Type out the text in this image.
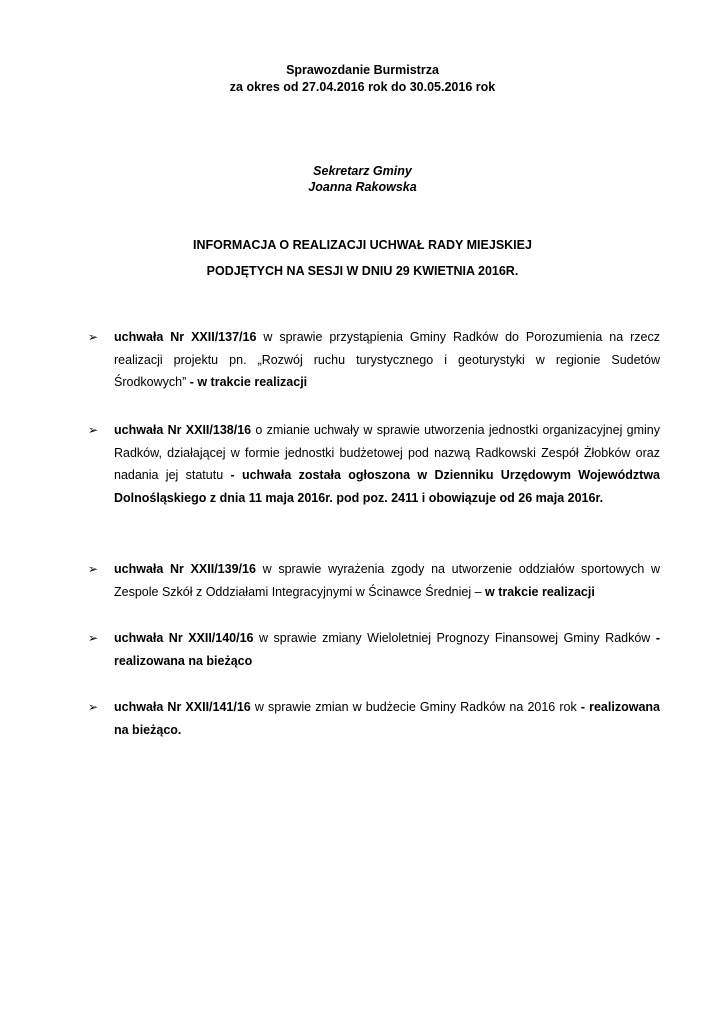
Sprawozdanie Burmistrza
za okres od 27.04.2016 rok do 30.05.2016 rok
Sekretarz Gminy
Joanna Rakowska
INFORMACJA O REALIZACJI UCHWAŁ RADY MIEJSKIEJ
PODJĘTYCH NA SESJI W DNIU 29 KWIETNIA 2016R.
➢	uchwała Nr XXII/137/16 w sprawie przystąpienia Gminy Radków do Porozumienia na rzecz realizacji projektu pn. „Rozwój ruchu turystycznego i geoturystyki w regionie Sudetów Środkowych” - w trakcie realizacji
➢	uchwała Nr XXII/138/16 o zmianie uchwały w sprawie utworzenia jednostki organizacyjnej gminy Radków, działającej w formie jednostki budżetowej pod nazwą Radkowski Zespół Żłobków oraz nadania jej statutu - uchwała została ogłoszona w Dzienniku Urzędowym Województwa Dolnośląskiego z dnia 11 maja 2016r. pod poz. 2411 i obowiązuje od 26 maja 2016r.
➢	uchwała Nr XXII/139/16 w sprawie wyrażenia zgody na utworzenie oddziałów sportowych w Zespole Szkół z Oddziałami Integracyjnymi w Ścinawce Średniej – w trakcie realizacji
➢	uchwała Nr XXII/140/16 w sprawie zmiany Wieloletniej Prognozy Finansowej Gminy Radków - realizowana na bieżąco
➢	uchwała Nr XXII/141/16 w sprawie zmian w budżecie Gminy Radków na 2016 rok - realizowana na bieżąco.
